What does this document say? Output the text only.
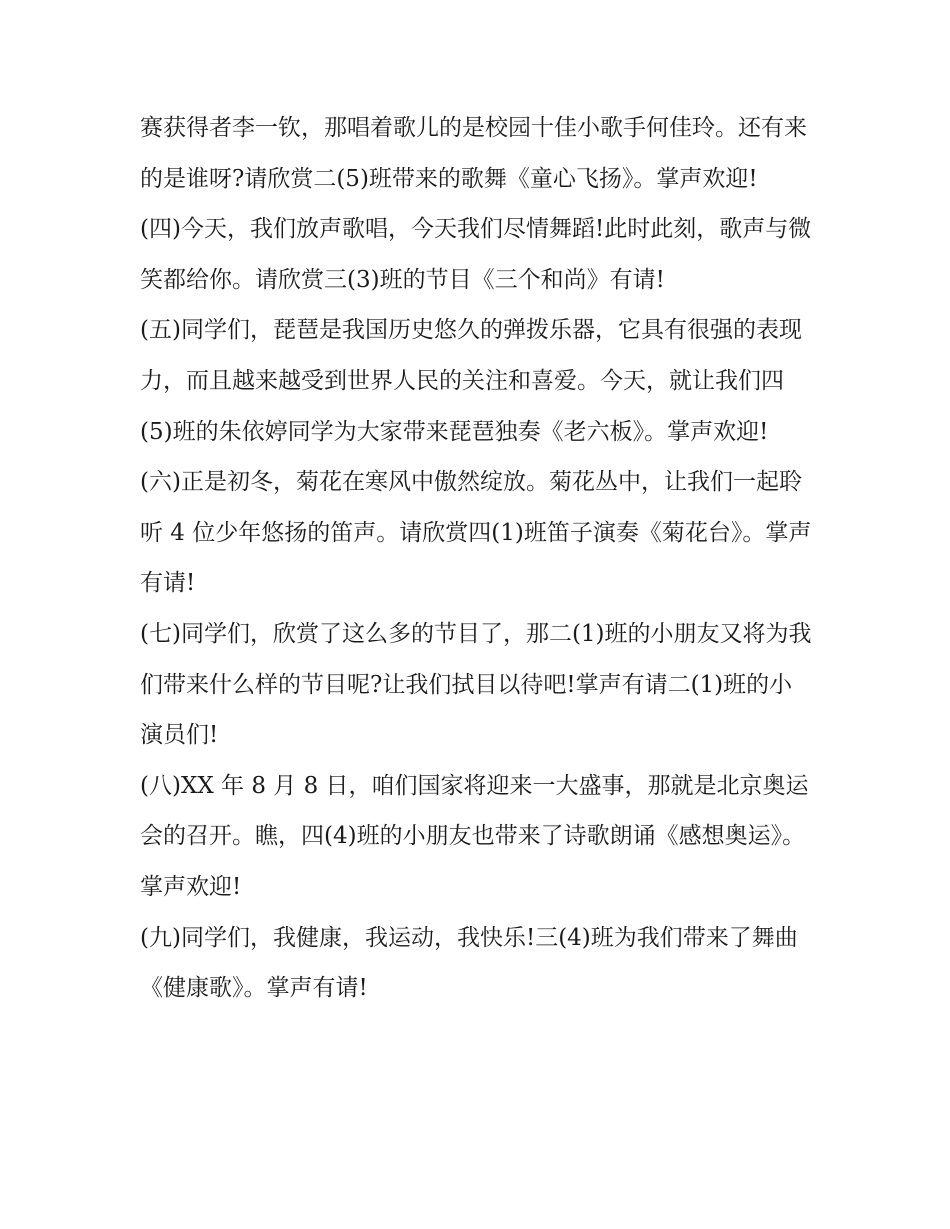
赛获得者李一钦，那唱着歌儿的是校园十佳小歌手何佳玲。还有来的是谁呀?请欣赏二(5)班带来的歌舞《童心飞扬》。掌声欢迎!

(四)今天，我们放声歌唱，今天我们尽情舞蹈!此时此刻，歌声与微笑都给你。请欣赏三(3)班的节目《三个和尚》有请!

(五)同学们，琵琶是我国历史悠久的弹拨乐器，它具有很强的表现力，而且越来越受到世界人民的关注和喜爱。今天，就让我们四(5)班的朱依婷同学为大家带来琵琶独奏《老六板》。掌声欢迎!

(六)正是初冬，菊花在寒风中傲然绽放。菊花丛中，让我们一起聆听 4 位少年悠扬的笛声。请欣赏四(1)班笛子演奏《菊花台》。掌声有请!

(七)同学们，欣赏了这么多的节目了，那二(1)班的小朋友又将为我们带来什么样的节目呢?让我们拭目以待吧!掌声有请二(1)班的小演员们!

(八)XX 年 8 月 8 日，咱们国家将迎来一大盛事，那就是北京奥运会的召开。瞧，四(4)班的小朋友也带来了诗歌朗诵《感想奥运》。掌声欢迎!

(九)同学们，我健康，我运动，我快乐!三(4)班为我们带来了舞曲《健康歌》。掌声有请!
